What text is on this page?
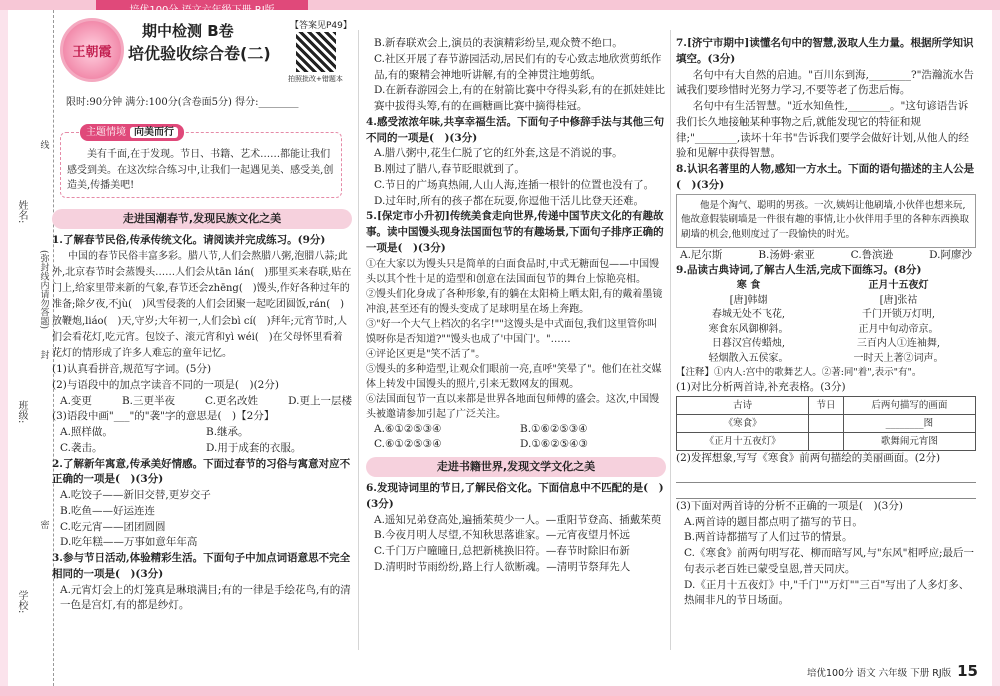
姓名:
班级:
学校:
(弥封线内请勿答题)
线
封
密
王朝霞
期中检测 B卷
培优验收综合卷(二)
【答案见P49】
拍照批改+错题本
限时:90分钟 满分:100分(含卷面5分) 得分:________
美有千面,在于发现。节日、书籍、艺术……都能让我们感受到美。在这次综合练习中,让我们一起遇见美、感受美,创造美,传播美吧!
主题情境 向美而行
走进国潮春节,发现民族文化之美

1.了解春节民俗,传承传统文化。请阅读并完成练习。(9分)

中国的春节民俗丰富多彩。腊八节,人们会熬腊八粥,泡腊八蒜;此外,北京春节时会蒸馒头……人们会从tān lán(　)那里买来春联,贴在门上,给家里带来新的气象,春节还会zhēng(　)馒头,作好各种过年的准备;除夕夜,不jù(　)风雪侵袭的人们会团聚一起吃团圆饭,rán(　)放鞭炮,liáo(　)天,守岁;大年初一,人们会bì cí(　)拜年;元宵节时,人们会看花灯,吃元宵。包饺子、滚元宵和yì wéi(　)在父母怀里看着花灯的情形成了许多人难忘的童年记忆。

(1)认真看拼音,规范写字词。(5分)

(2)与语段中的加点字读音不同的一项是(　)(2分)

A.变更	B.三更半夜	C.更名改姓	D.更上一层楼

(3)语段中画"___"的"袭"字的意思是(　)【2分】

A.照样做。	B.继承。
C.袭击。	D.用于成套的衣服。

2.了解新年寓意,传承美好情感。下面过春节的习俗与寓意对应不正确的一项是(　)(3分)

A.吃饺子——新旧交替,更岁交子

B.吃鱼——好运连连

C.吃元宵——团团圆圆

D.吃年糕——万事如意年年高

3.参与节日活动,体验精彩生活。下面句子中加点词语意思不完全相同的一项是(　)(3分)

A.元宵灯会上的灯笼真是琳琅满目;有的一律是手绘花鸟,有的清一色是宫灯,有的都是纱灯。

B.新春联欢会上,演员的表演精彩纷呈,观众赞不绝口。

C.社区开展了春节游园活动,居民们有的专心致志地欣赏剪纸作品,有的聚精会神地听讲解,有的全神贯注地剪纸。

D.在新春游园会上,有的在射箭比赛中夺得头彩,有的在抓娃娃比赛中拔得头筹,有的在画糖画比赛中摘得桂冠。

4.感受浓浓年味,共享幸福生活。下面句子中修辞手法与其他三句不同的一项是(　)(3分)

A.腊八粥中,花生仁脱了它的红外套,这是不消说的事。

B.刚过了腊八,春节眨眼就到了。

C.节日的广场真热闹,人山人海,连插一根针的位置也没有了。

D.过年时,所有的孩子都在玩耍,你逗他干活儿比登天还难。

5.[保定市小升初]传统美食走向世界,传递中国节庆文化的有趣故事。读中国馒头现身法国面包节的有趣场景,下面句子排序正确的一项是(　)(3分)

①在大家以为馒头只是简单的白面食品时,中式无糖面包——中国馒头以其个性十足的造型和创意在法国面包节的舞台上惊艳亮相。

②馒头们化身成了各种形象,有的躺在太阳椅上晒太阳,有的戴着墨镜冲浪,甚至还有的馒头变成了足球明星在场上奔跑。

③"好一个大气上档次的名字!""这馒头是中式面包,我们这里管你叫馍呀你是否知道?""馒头也成了'中国门'。"……

④评论区更是"笑不活了"。

⑤馒头的多种造型,让观众们眼前一亮,直呼"笑晕了"。他们在社交媒体上转发中国馒头的照片,引来无数网友的围观。

⑥法国面包节一直以来都是世界各地面包师傅的盛会。这次,中国馒头被邀请参加引起了广泛关注。

A.⑥①②⑤③④	B.①⑥②⑤③④
C.⑥①②⑤③④	D.①⑥②⑤④③
走进书籍世界,发现文学文化之美

6.发现诗词里的节日,了解民俗文化。下面信息中不匹配的是(　)(3分)

A.遥知兄弟登高处,遍插茱萸少一人。—重阳节登高、插戴茱萸

B.今夜月明人尽望,不知秋思落谁家。—元宵夜望月怀远

C.千门万户曈曈日,总把新桃换旧符。—春节时除旧布新

D.清明时节雨纷纷,路上行人欲断魂。—清明节祭拜先人

7.[济宁市期中]读懂名句中的智慧,汲取人生力量。根据所学知识填空。(3分)

名句中有大自然的启迪。"百川东到海,________?"浩瀚流水告诫我们要珍惜时光努力学习,不要等老了伤悲后悔。

名句中有生活智慧。"近水知鱼性,________。"这句谚语告诉我们长久地接触某种事物之后,就能发现它的特征和规律;"________,读坏十年书"告诉我们要学会做好计划,从他人的经验和见解中获得智慧。

8.认识名著里的人物,感知一方水土。下面的语句描述的主人公是(　)(3分)

他是个淘气、聪明的男孩。一次,姨妈让他刷墙,小伙伴也想来玩,他故意假装刷墙是一件很有趣的事情,让小伙伴用手里的各种东西换取刷墙的机会,他则度过了一段愉快的时光。
A.尼尔斯	B.汤姆·索亚	C.鲁滨逊	D.阿廖沙

9.品读古典诗词,了解古人生活,完成下面练习。(8分)

寒 食
[唐]韩翃
春城无处不飞花,
寒食东风御柳斜。
日暮汉宫传蜡烛,
轻烟散入五侯家。
正月十五夜灯
[唐]张祜
千门开锁万灯明,
正月中旬动帝京。
三百内人①连袖舞,
一时天上著②词声。

【注释】①内人:宫中的歌舞艺人。②著:同"着",表示"有"。

(1)对比分析两首诗,补充表格。(3分)

古诗	节日	后两句描写的画面
《寒食》		________图
《正月十五夜灯》		歌舞闹元宵图

(2)发挥想象,写写《寒食》前两句描绘的美丽画面。(2分)

(3)下面对两首诗的分析不正确的一项是(　)(3分)

A.两首诗的题目都点明了描写的节日。

B.两首诗都描写了人们过节的情景。

C.《寒食》前两句明写花、柳而暗写风,与"东风"相呼应;最后一句表示老百姓已蒙受皇恩,普天同庆。

D.《正月十五夜灯》中,"千门""万灯""三百"写出了人多灯多、热闹非凡的节日场面。

培优100分 语文 六年级 下册 RJ版 15
